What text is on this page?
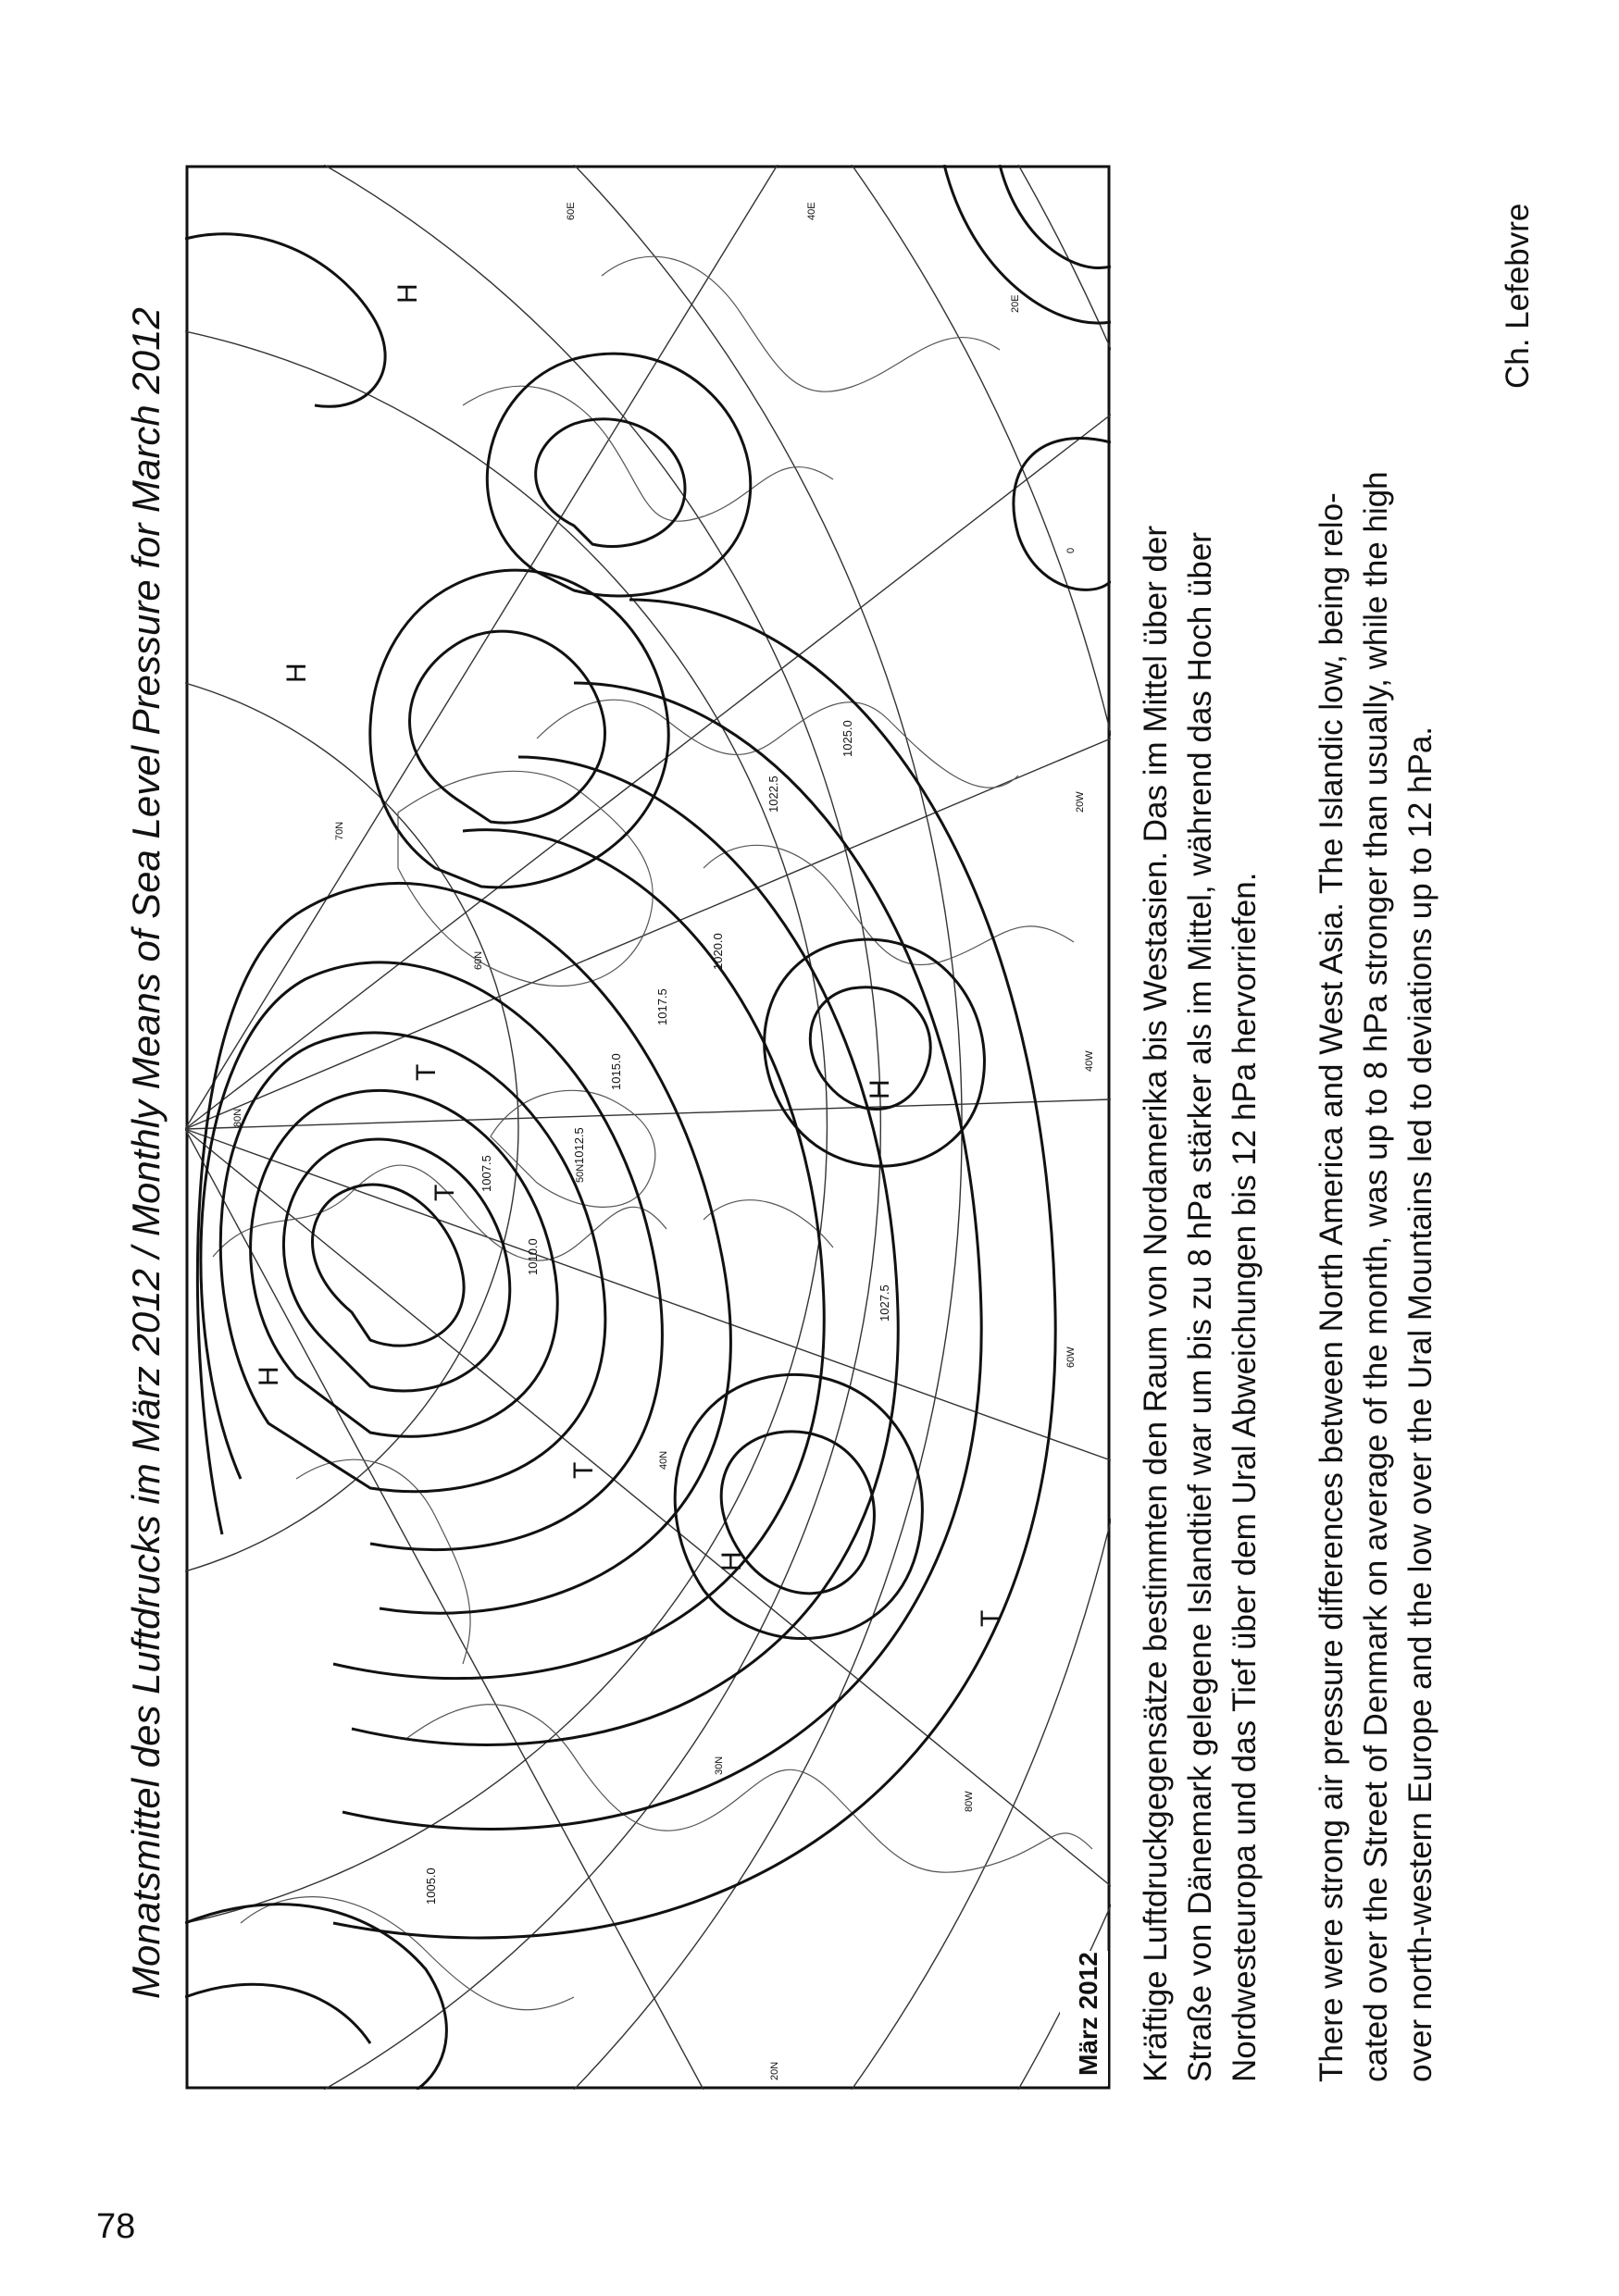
78
Monatsmittel des Luftdrucks im März 2012 / Monthly Means of Sea Level Pressure for March 2012	1005.0
1007.5
1010.0
1012.5
1015.0
1017.5
1020.0
1022.5
1025.0
1027.5
20N
30N
40N
50N
60N
70N
80N
80W
60W
40W
20W
0
20E
40E
60E
T
T
T
T
H
H
H
H
H
März 2012 Kräftige Luftdruckgegensätze bestimmten den Raum von Nordamerika bis Westasien. Das im Mittel über der Straße von Dänemark gelegene Islandtief war um bis zu 8 hPa stärker als im Mittel, während das Hoch über Nordwesteuropa und das Tief über dem Ural Abweichungen bis 12 hPa hervorriefen. There were strong air pressure differences between North America and West Asia. The Islandic low, being relo- cated over the Street of Denmark on average of the month, was up to 8 hPa stronger than usually, while the high over north-western Europe and the low over the Ural Mountains led to deviations up to 12 hPa.
Ch. Lefebvre
